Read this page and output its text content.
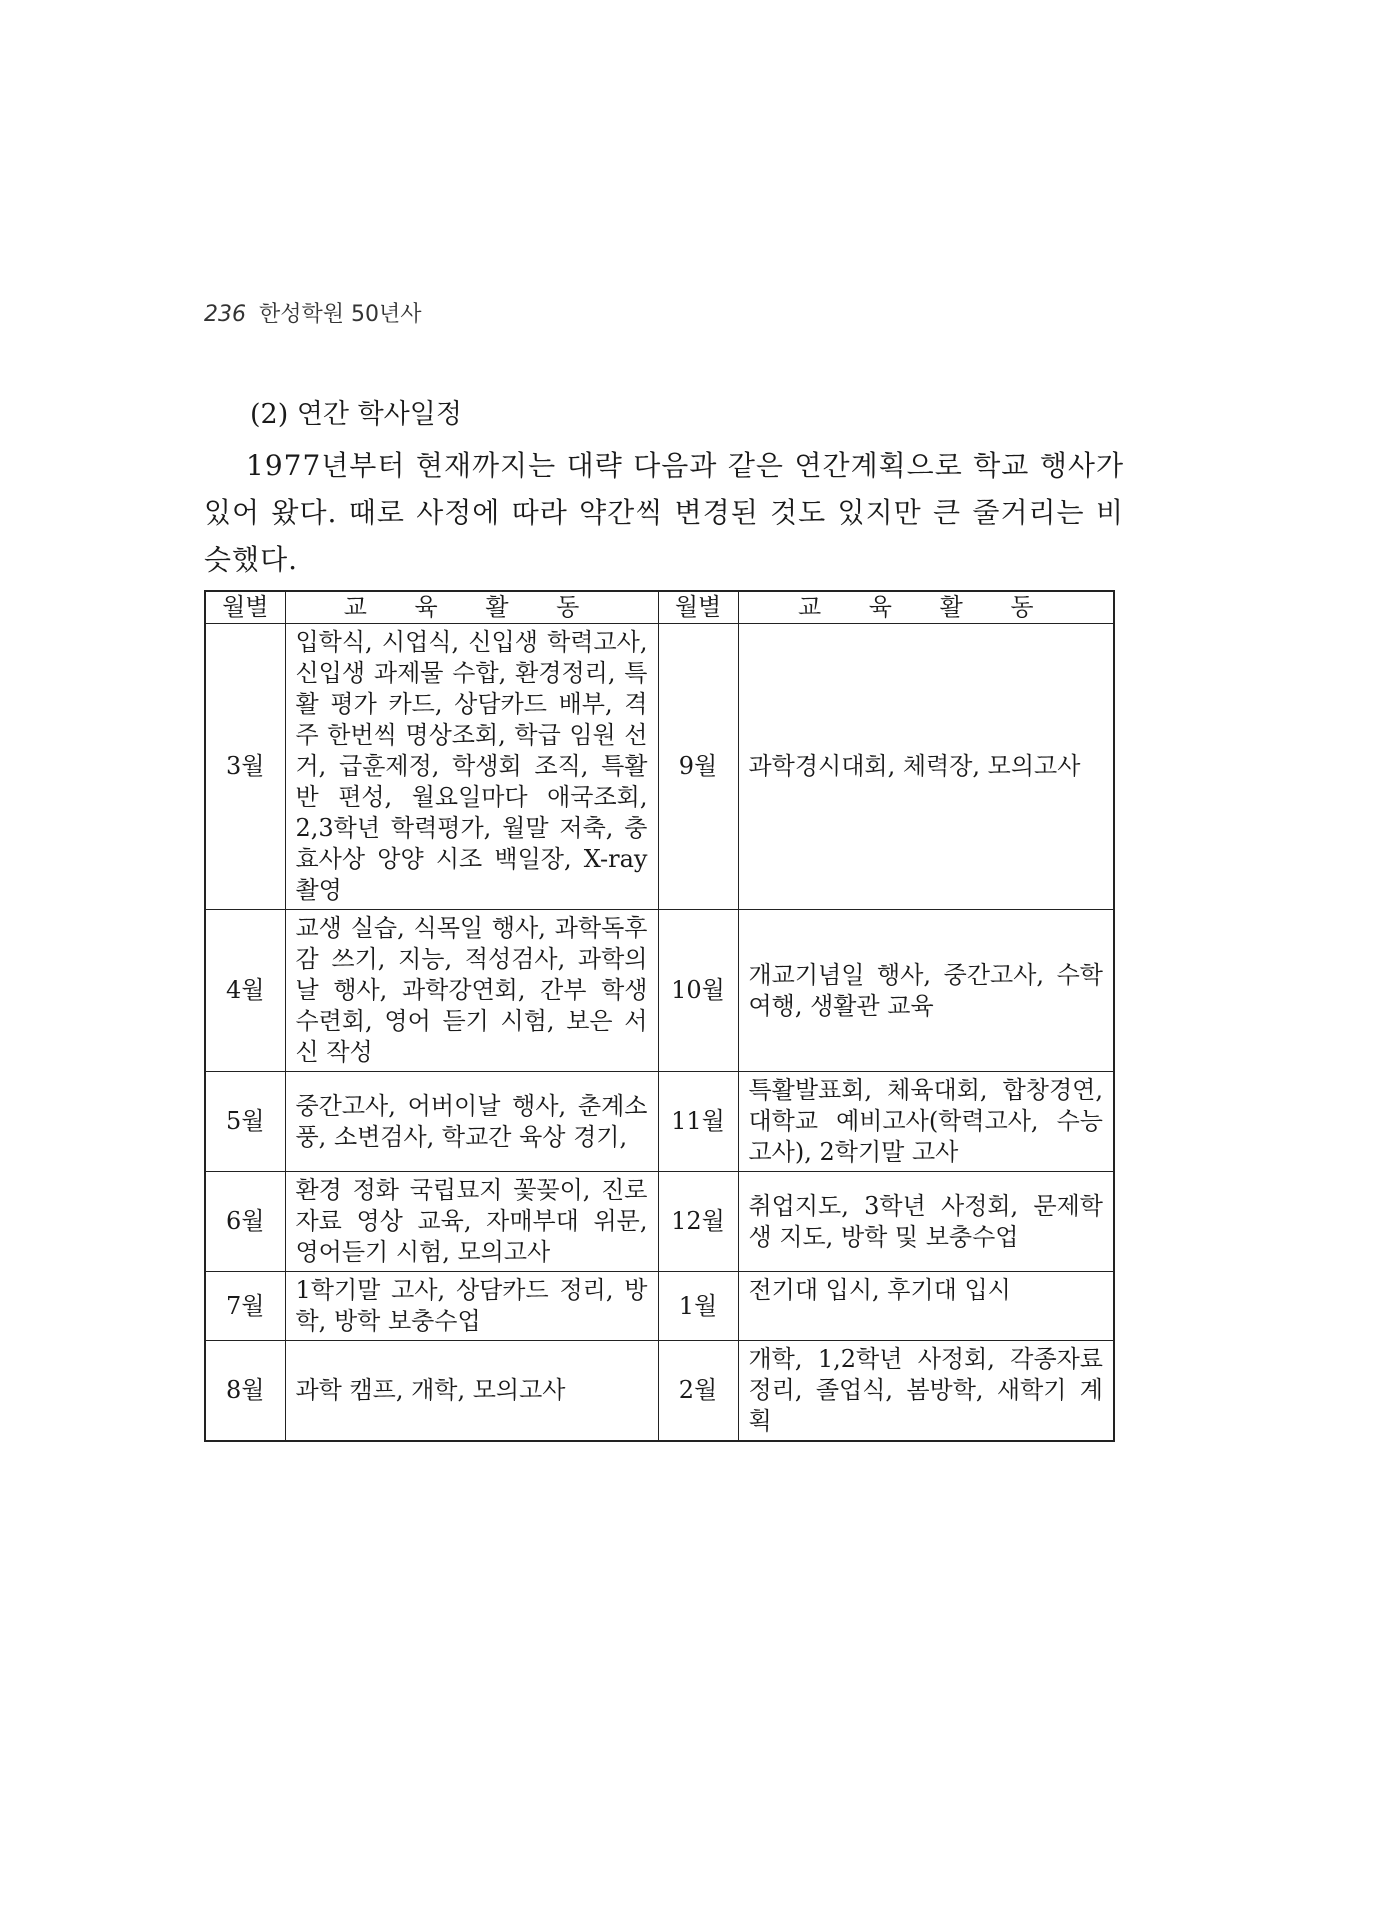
236 한성학원 50년사
(2) 연간 학사일정

1977년부터 현재까지는 대략 다음과 같은 연간계획으로 학교 행사가 있어 왔다. 때로 사정에 따라 약간씩 변경된 것도 있지만 큰 줄거리는 비슷했다.

월별	교 육 활 동	월별	교 육 활 동
3월	입학식, 시업식, 신입생 학력고사, 신입생 과제물 수합, 환경정리, 특활 평가 카드, 상담카드 배부, 격주 한번씩 명상조회, 학급 임원 선거, 급훈제정, 학생회 조직, 특활반 편성, 월요일마다 애국조회, 2,3학년 학력평가, 월말 저축, 충효사상 앙양 시조 백일장, X-ray촬영	9월	과학경시대회, 체력장, 모의고사
4월	교생 실습, 식목일 행사, 과학독후감 쓰기, 지능, 적성검사, 과학의 날 행사, 과학강연회, 간부 학생 수련회, 영어 듣기 시험, 보은 서신 작성	10월	개교기념일 행사, 중간고사, 수학여행, 생활관 교육
5월	중간고사, 어버이날 행사, 춘계소풍, 소변검사, 학교간 육상 경기,	11월	특활발표회, 체육대회, 합창경연, 대학교 예비고사(학력고사, 수능고사), 2학기말 고사
6월	환경 정화 국립묘지 꽃꽂이, 진로 자료 영상 교육, 자매부대 위문, 영어듣기 시험, 모의고사	12월	취업지도, 3학년 사정회, 문제학생 지도, 방학 및 보충수업
7월	1학기말 고사, 상담카드 정리, 방학, 방학 보충수업	1월	전기대 입시, 후기대 입시
8월	과학 캠프, 개학, 모의고사	2월	개학, 1,2학년 사정회, 각종자료 정리, 졸업식, 봄방학, 새학기 계획
